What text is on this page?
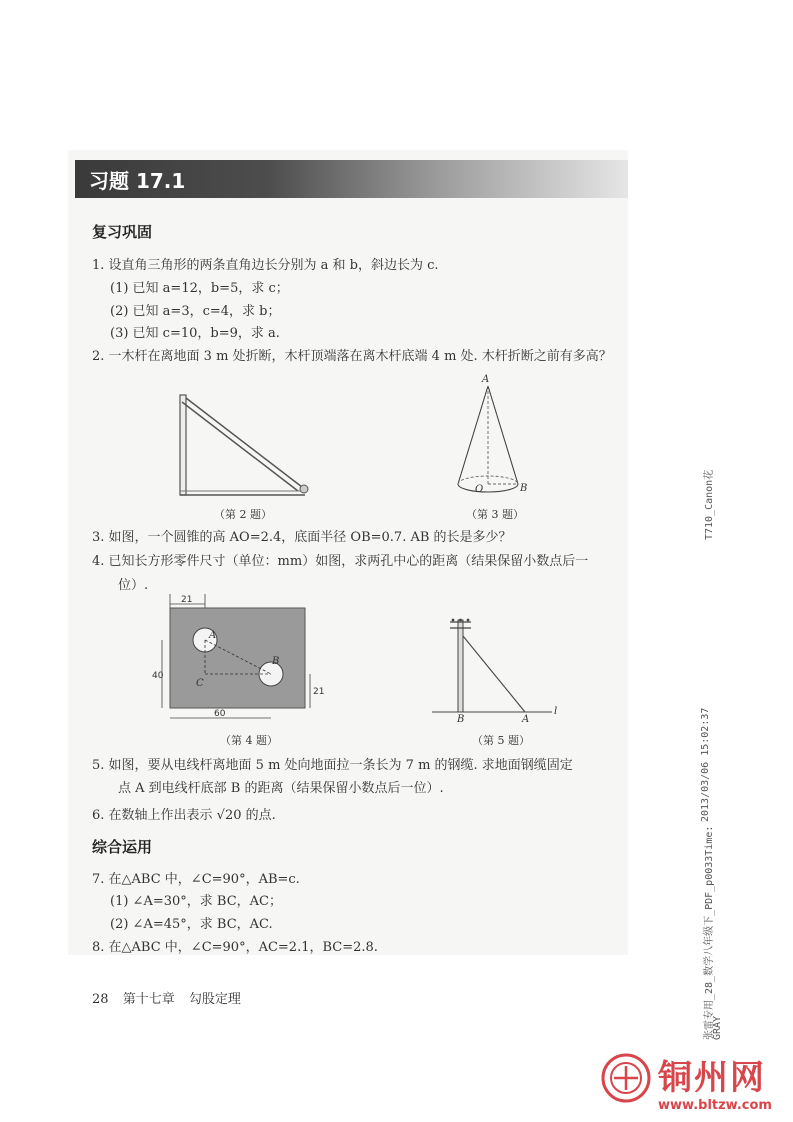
习题 17.1
复习巩固
1. 设直角三角形的两条直角边长分别为 a 和 b，斜边长为 c.
(1) 已知 a=12，b=5，求 c；
(2) 已知 a=3，c=4，求 b；
(3) 已知 c=10，b=9，求 a.
2. 一木杆在离地面 3 m 处折断，木杆顶端落在离木杆底端 4 m 处. 木杆折断之前有多高？
（第 2 题）
A
O	B
（第 3 题）
3. 如图，一个圆锥的高 AO=2.4，底面半径 OB=0.7. AB 的长是多少？
4. 已知长方形零件尺寸（单位：mm）如图，求两孔中心的距离（结果保留小数点后一
位）.
21
A
B
C
40
21
60
（第 4 题）
B	A
l
（第 5 题）
5. 如图，要从电线杆离地面 5 m 处向地面拉一条长为 7 m 的钢缆. 求地面钢缆固定
点 A 到电线杆底部 B 的距离（结果保留小数点后一位）.
6. 在数轴上作出表示 √20 的点.
综合运用
7. 在△ABC 中，∠C=90°，AB=c.
(1) ∠A=30°，求 BC，AC；
(2) ∠A=45°，求 BC，AC.
8. 在△ABC 中，∠C=90°，AC=2.1，BC=2.8.
28 第十七章 勾股定理
T710_Canon花
2013/03/06 15:02:37
张雷专用_28_数学八年级下_PDF_p0033Time:
GRAY
铜州网
www.bltzw.com
